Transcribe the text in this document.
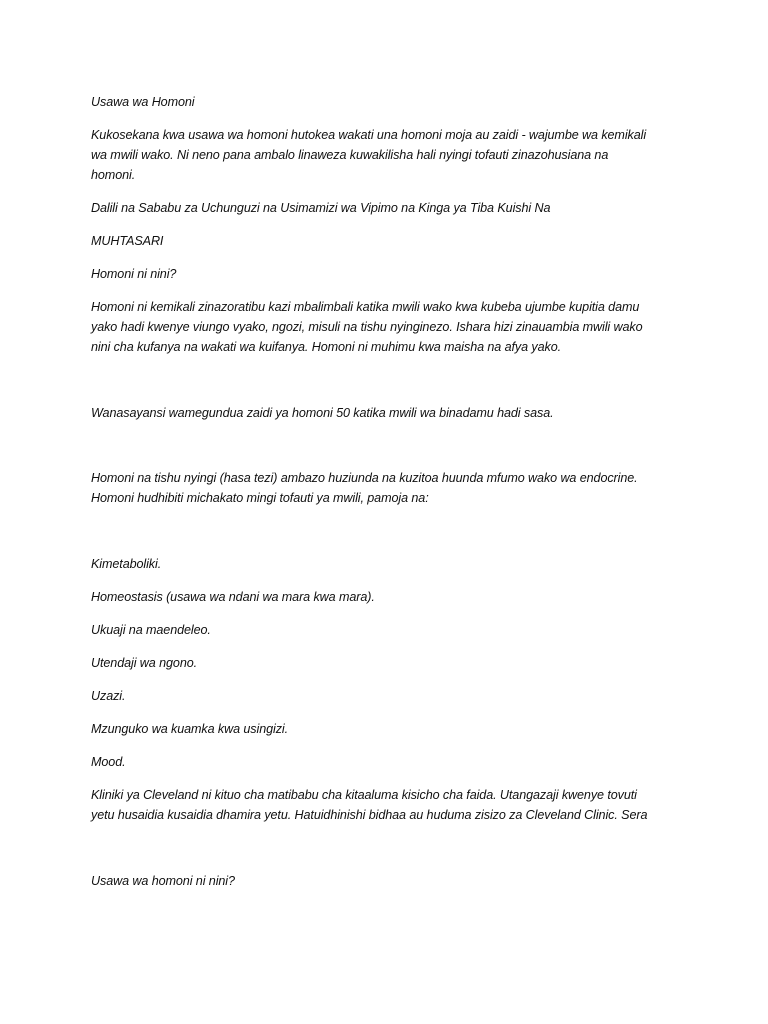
Usawa wa Homoni
Kukosekana kwa usawa wa homoni hutokea wakati una homoni moja au zaidi - wajumbe wa kemikali
wa mwili wako. Ni neno pana ambalo linaweza kuwakilisha hali nyingi tofauti zinazohusiana na
homoni.
Dalili na Sababu za Uchunguzi na Usimamizi wa Vipimo na Kinga ya Tiba Kuishi Na
MUHTASARI
Homoni ni nini?
Homoni ni kemikali zinazoratibu kazi mbalimbali katika mwili wako kwa kubeba ujumbe kupitia damu
yako hadi kwenye viungo vyako, ngozi, misuli na tishu nyinginezo. Ishara hizi zinauambia mwili wako
nini cha kufanya na wakati wa kuifanya. Homoni ni muhimu kwa maisha na afya yako.
Wanasayansi wamegundua zaidi ya homoni 50 katika mwili wa binadamu hadi sasa.
Homoni na tishu nyingi (hasa tezi) ambazo huziunda na kuzitoa huunda mfumo wako wa endocrine.
Homoni hudhibiti michakato mingi tofauti ya mwili, pamoja na:
Kimetaboliki.
Homeostasis (usawa wa ndani wa mara kwa mara).
Ukuaji na maendeleo.
Utendaji wa ngono.
Uzazi.
Mzunguko wa kuamka kwa usingizi.
Mood.
Kliniki ya Cleveland ni kituo cha matibabu cha kitaaluma kisicho cha faida. Utangazaji kwenye tovuti
yetu husaidia kusaidia dhamira yetu. Hatuidhinishi bidhaa au huduma zisizo za Cleveland Clinic. Sera
Usawa wa homoni ni nini?
